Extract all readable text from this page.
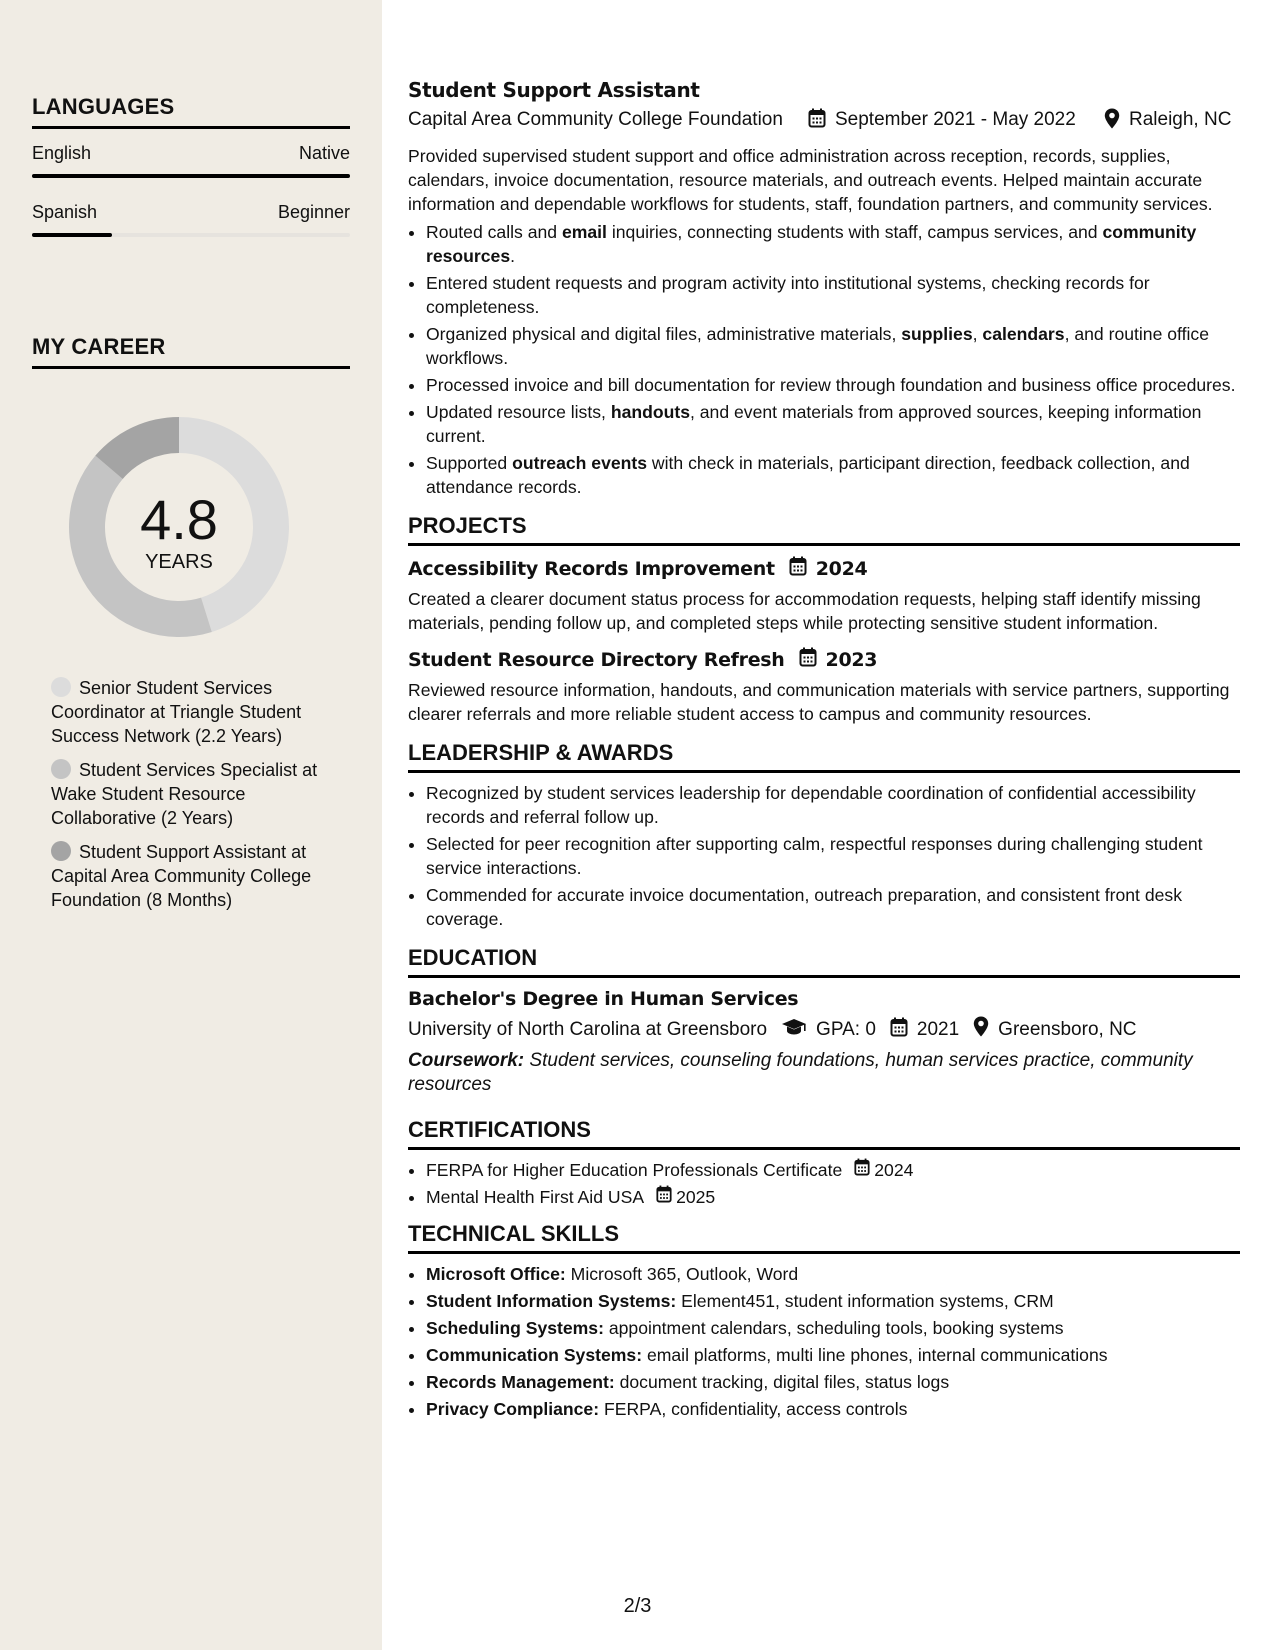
LANGUAGES
English	Native
Spanish	Beginner
MY CAREER
4.8
YEARS
Senior Student Services Coordinator at Triangle Student Success Network (2.2 Years)
Student Services Specialist at Wake Student Resource Collaborative (2 Years)
Student Support Assistant at Capital Area Community College Foundation (8 Months)
Student Support Assistant
Capital Area Community College Foundation	September 2021 - May 2022	Raleigh, NC

Provided supervised student support and office administration across reception, records, supplies, calendars, invoice documentation, resource materials, and outreach events. Helped maintain accurate information and dependable workflows for students, staff, foundation partners, and community services.

• Routed calls and email inquiries, connecting students with staff, campus services, and community resources.
• Entered student requests and program activity into institutional systems, checking records for completeness.
• Organized physical and digital files, administrative materials, supplies, calendars, and routine office workflows.
• Processed invoice and bill documentation for review through foundation and business office procedures.
• Updated resource lists, handouts, and event materials from approved sources, keeping information current.
• Supported outreach events with check in materials, participant direction, feedback collection, and attendance records.
PROJECTS
Accessibility Records Improvement 2024

Created a clearer document status process for accommodation requests, helping staff identify missing materials, pending follow up, and completed steps while protecting sensitive student information.

Student Resource Directory Refresh 2023

Reviewed resource information, handouts, and communication materials with service partners, supporting clearer referrals and more reliable student access to campus and community resources.

LEADERSHIP & AWARDS
• Recognized by student services leadership for dependable coordination of confidential accessibility records and referral follow up.
• Selected for peer recognition after supporting calm, respectful responses during challenging student service interactions.
• Commended for accurate invoice documentation, outreach preparation, and consistent front desk coverage.
EDUCATION
Bachelor's Degree in Human Services
University of North Carolina at Greensboro	GPA: 0 2021 Greensboro, NC
Coursework: Student services, counseling foundations, human services practice, community resources
CERTIFICATIONS
• FERPA for Higher Education Professionals Certificate 2024
• Mental Health First Aid USA 2025
TECHNICAL SKILLS
• Microsoft Office: Microsoft 365, Outlook, Word
• Student Information Systems: Element451, student information systems, CRM
• Scheduling Systems: appointment calendars, scheduling tools, booking systems
• Communication Systems: email platforms, multi line phones, internal communications
• Records Management: document tracking, digital files, status logs
• Privacy Compliance: FERPA, confidentiality, access controls
2/3
